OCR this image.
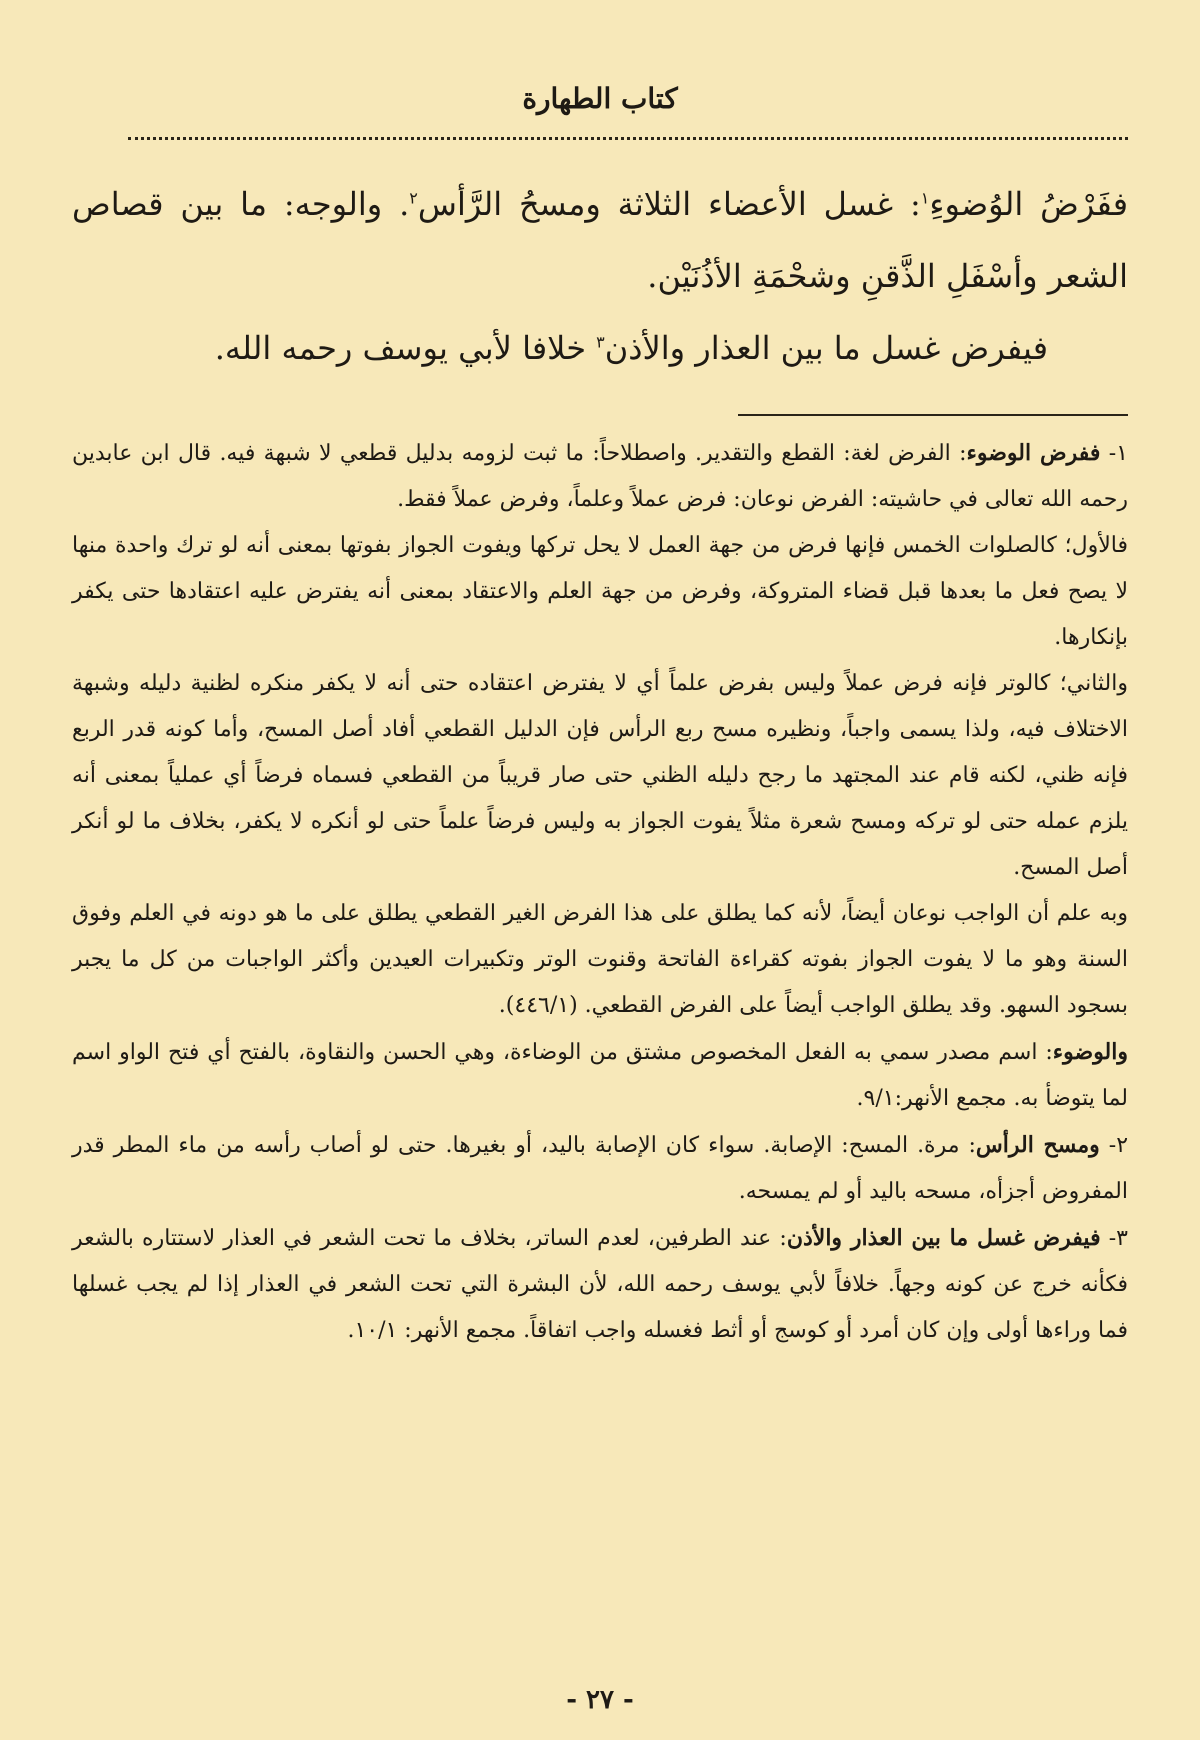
كتاب الطهارة

ففَرْضُ الوُضوءِ$^١$: غسل الأعضاء الثلاثة ومسحُ الرَّأس$^٢$. والوجه: ما بين قصاص الشعر وأسْفَلِ الذَّقنِ وشحْمَةِ الأذُنَيْن.

فيفرض غسل ما بين العذار والأذن$^٣$ خلافا لأبي يوسف رحمه الله.

١- ففرض الوضوء: الفرض لغة: القطع والتقدير. واصطلاحاً: ما ثبت لزومه بدليل قطعي لا شبهة فيه. قال ابن عابدين رحمه الله تعالى في حاشيته: الفرض نوعان: فرض عملاً وعلماً، وفرض عملاً فقط.

فالأول؛ كالصلوات الخمس فإنها فرض من جهة العمل لا يحل تركها ويفوت الجواز بفوتها بمعنى أنه لو ترك واحدة منها لا يصح فعل ما بعدها قبل قضاء المتروكة، وفرض من جهة العلم والاعتقاد بمعنى أنه يفترض عليه اعتقادها حتى يكفر بإنكارها.

والثاني؛ كالوتر فإنه فرض عملاً وليس بفرض علماً أي لا يفترض اعتقاده حتى أنه لا يكفر منكره لظنية دليله وشبهة الاختلاف فيه، ولذا يسمى واجباً، ونظيره مسح ربع الرأس فإن الدليل القطعي أفاد أصل المسح، وأما كونه قدر الربع فإنه ظني، لكنه قام عند المجتهد ما رجح دليله الظني حتى صار قريباً من القطعي فسماه فرضاً أي عملياً بمعنى أنه يلزم عمله حتى لو تركه ومسح شعرة مثلاً يفوت الجواز به وليس فرضاً علماً حتى لو أنكره لا يكفر، بخلاف ما لو أنكر أصل المسح.

وبه علم أن الواجب نوعان أيضاً، لأنه كما يطلق على هذا الفرض الغير القطعي يطلق على ما هو دونه في العلم وفوق السنة وهو ما لا يفوت الجواز بفوته كقراءة الفاتحة وقنوت الوتر وتكبيرات العيدين وأكثر الواجبات من كل ما يجبر بسجود السهو. وقد يطلق الواجب أيضاً على الفرض القطعي. (٤٤٦/١).

والوضوء: اسم مصدر سمي به الفعل المخصوص مشتق من الوضاءة، وهي الحسن والنقاوة، بالفتح أي فتح الواو اسم لما يتوضأ به. مجمع الأنهر:٩/١.

٢- ومسح الرأس: مرة. المسح: الإصابة. سواء كان الإصابة باليد، أو بغيرها. حتى لو أصاب رأسه من ماء المطر قدر المفروض أجزأه، مسحه باليد أو لم يمسحه.

٣- فيفرض غسل ما بين العذار والأذن: عند الطرفين، لعدم الساتر، بخلاف ما تحت الشعر في العذار لاستتاره بالشعر فكأنه خرج عن كونه وجهاً. خلافاً لأبي يوسف رحمه الله، لأن البشرة التي تحت الشعر في العذار إذا لم يجب غسلها فما وراءها أولى وإن كان أمرد أو كوسج أو أثط فغسله واجب اتفاقاً. مجمع الأنهر: ١٠/١.

- ٢٧ -
